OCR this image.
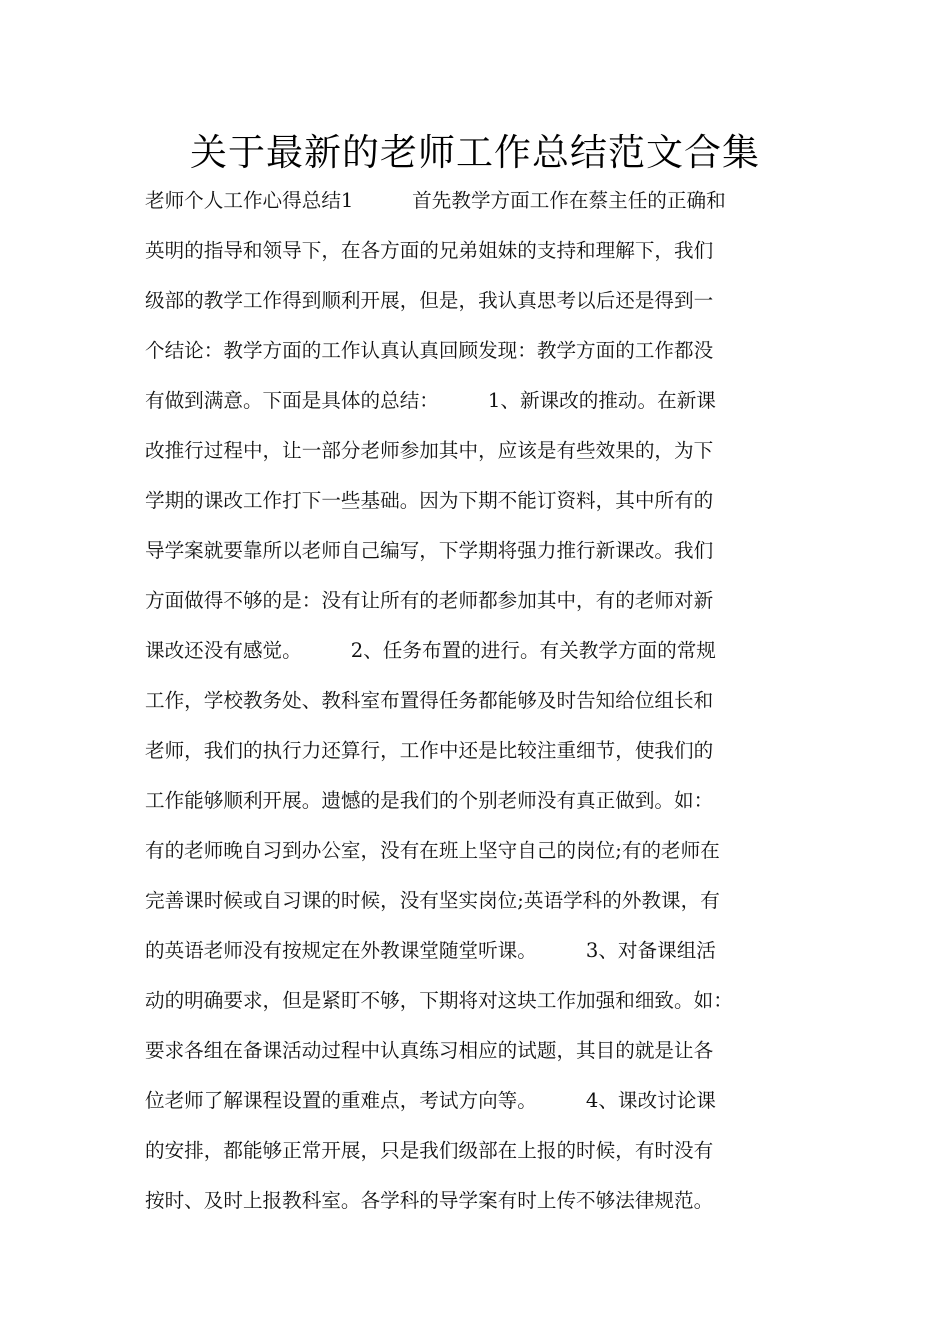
关于最新的老师工作总结范文合集
老师个人工作心得总结1　　　首先教学方面工作在蔡主任的正确和
英明的指导和领导下，在各方面的兄弟姐妹的支持和理解下，我们
级部的教学工作得到顺利开展，但是，我认真思考以后还是得到一
个结论：教学方面的工作认真认真回顾发现：教学方面的工作都没
有做到满意。下面是具体的总结：　　　1、新课改的推动。在新课
改推行过程中，让一部分老师参加其中，应该是有些效果的，为下
学期的课改工作打下一些基础。因为下期不能订资料，其中所有的
导学案就要靠所以老师自己编写，下学期将强力推行新课改。我们
方面做得不够的是：没有让所有的老师都参加其中，有的老师对新
课改还没有感觉。　　　2、任务布置的进行。有关教学方面的常规
工作，学校教务处、教科室布置得任务都能够及时告知给位组长和
老师，我们的执行力还算行，工作中还是比较注重细节，使我们的
工作能够顺利开展。遗憾的是我们的个别老师没有真正做到。如：
有的老师晚自习到办公室，没有在班上坚守自己的岗位;有的老师在
完善课时候或自习课的时候，没有坚实岗位;英语学科的外教课，有
的英语老师没有按规定在外教课堂随堂听课。　　　3、对备课组活
动的明确要求，但是紧盯不够，下期将对这块工作加强和细致。如：
要求各组在备课活动过程中认真练习相应的试题，其目的就是让各
位老师了解课程设置的重难点，考试方向等。　　　4、课改讨论课
的安排，都能够正常开展，只是我们级部在上报的时候，有时没有
按时、及时上报教科室。各学科的导学案有时上传不够法律规范。
